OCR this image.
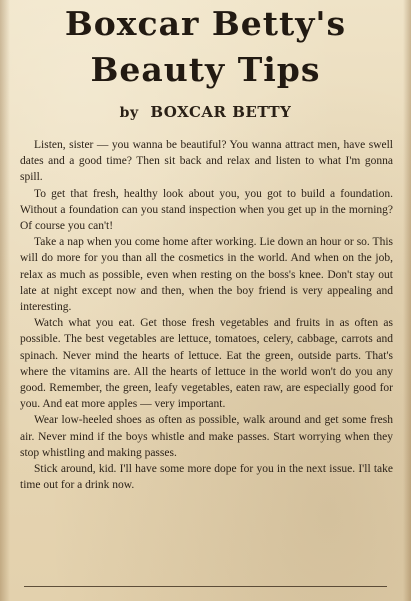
Boxcar Betty's
Beauty Tips
by BOXCAR BETTY

Listen, sister — you wanna be beautiful? You wanna attract men, have swell dates and a good time? Then sit back and relax and listen to what I'm gonna spill.

To get that fresh, healthy look about you, you got to build a foundation. Without a foundation can you stand inspection when you get up in the morning? Of course you can't!

Take a nap when you come home after working. Lie down an hour or so. This will do more for you than all the cosmetics in the world. And when on the job, relax as much as possible, even when resting on the boss's knee. Don't stay out late at night except now and then, when the boy friend is very appealing and interesting.

Watch what you eat. Get those fresh vegetables and fruits in as often as possible. The best vegetables are lettuce, tomatoes, celery, cabbage, carrots and spinach. Never mind the hearts of lettuce. Eat the green, outside parts. That's where the vitamins are. All the hearts of lettuce in the world won't do you any good. Remember, the green, leafy vegetables, eaten raw, are especially good for you. And eat more apples — very important.

Wear low-heeled shoes as often as possible, walk around and get some fresh air. Never mind if the boys whistle and make passes. Start worrying when they stop whistling and making passes.

Stick around, kid. I'll have some more dope for you in the next issue. I'll take time out for a drink now.
